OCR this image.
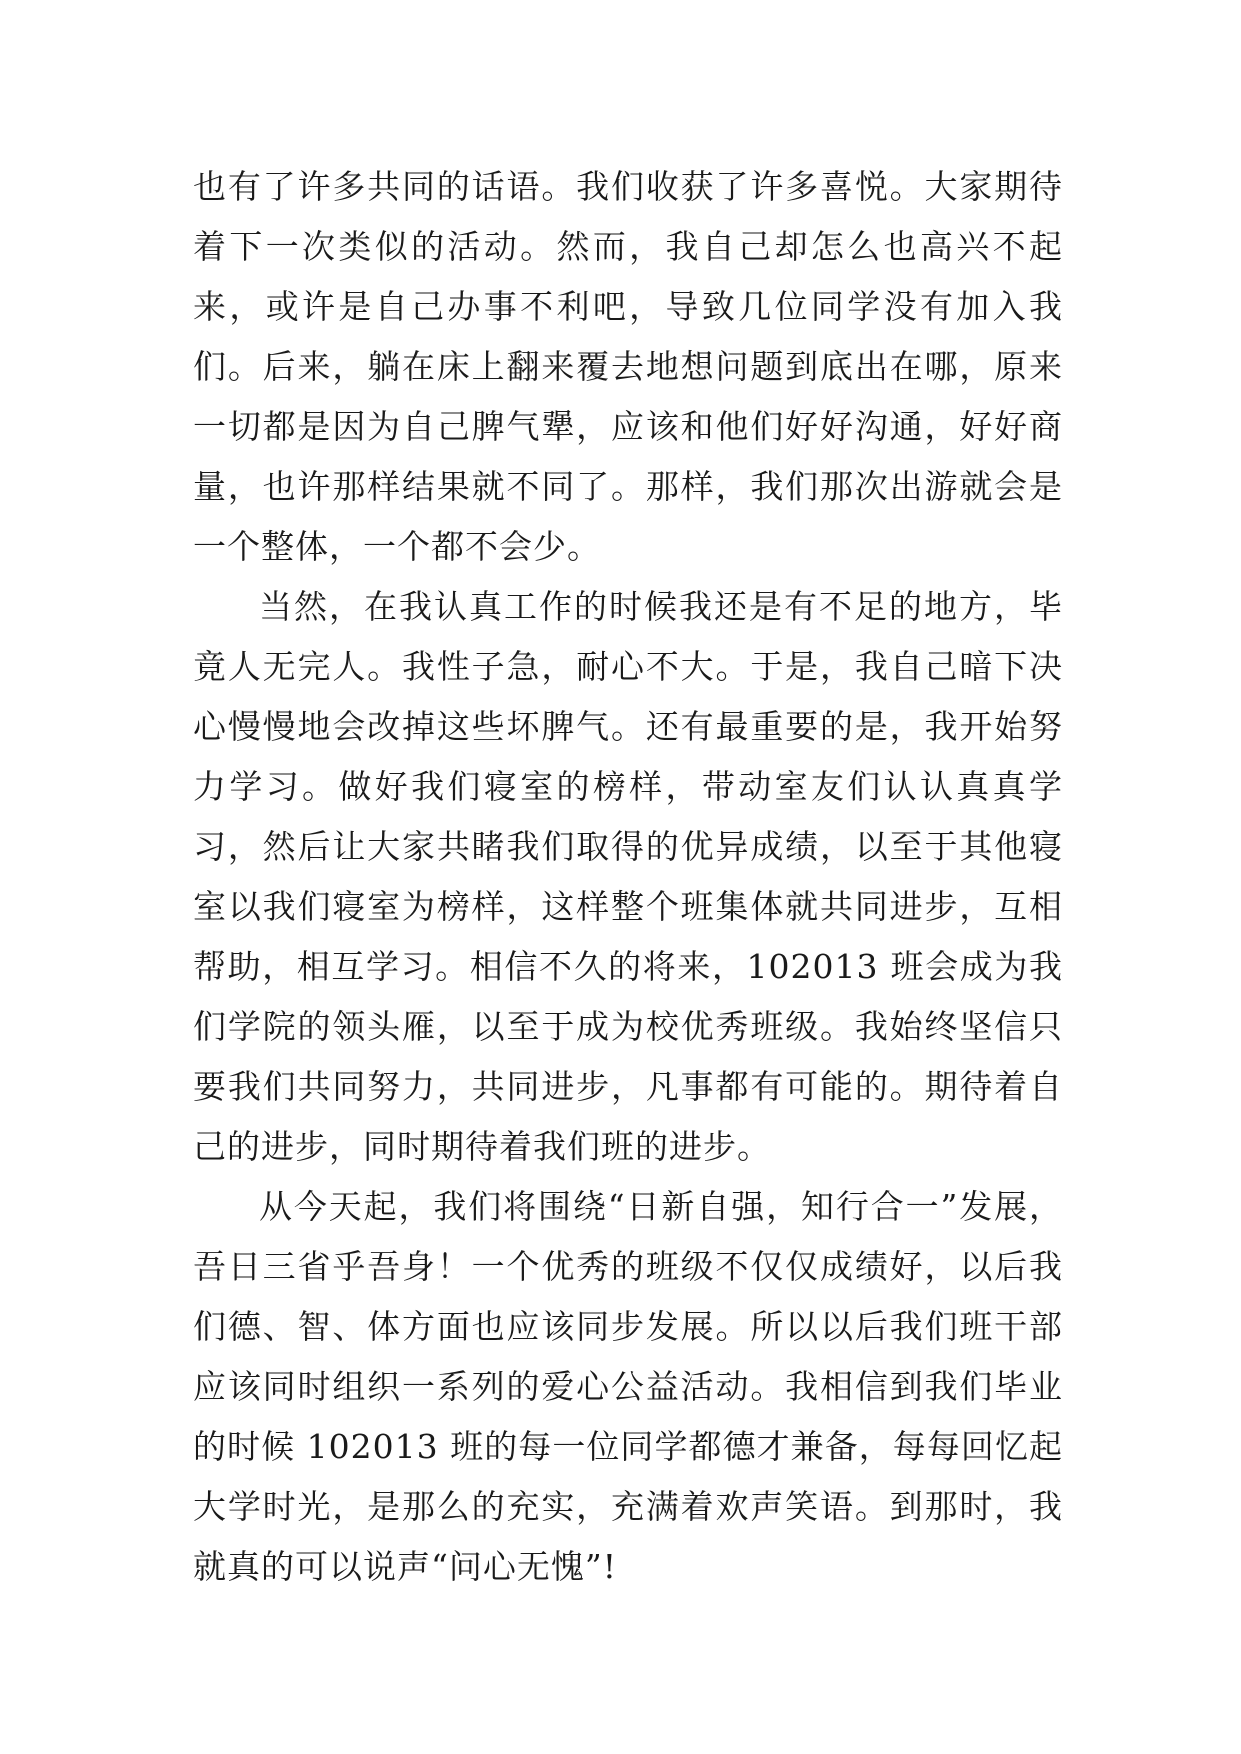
也有了许多共同的话语。我们收获了许多喜悦。大家期待着下一次类似的活动。然而，我自己却怎么也高兴不起来，或许是自己办事不利吧，导致几位同学没有加入我们。后来，躺在床上翻来覆去地想问题到底出在哪，原来一切都是因为自己脾气犟，应该和他们好好沟通，好好商量，也许那样结果就不同了。那样，我们那次出游就会是一个整体，一个都不会少。

当然，在我认真工作的时候我还是有不足的地方，毕竟人无完人。我性子急，耐心不大。于是，我自己暗下决心慢慢地会改掉这些坏脾气。还有最重要的是，我开始努力学习。做好我们寝室的榜样，带动室友们认认真真学习，然后让大家共睹我们取得的优异成绩，以至于其他寝室以我们寝室为榜样，这样整个班集体就共同进步，互相帮助，相互学习。相信不久的将来，102013 班会成为我们学院的领头雁，以至于成为校优秀班级。我始终坚信只要我们共同努力，共同进步，凡事都有可能的。期待着自己的进步，同时期待着我们班的进步。

从今天起，我们将围绕“日新自强，知行合一”发展，吾日三省乎吾身！一个优秀的班级不仅仅成绩好，以后我们德、智、体方面也应该同步发展。所以以后我们班干部应该同时组织一系列的爱心公益活动。我相信到我们毕业的时候 102013 班的每一位同学都德才兼备，每每回忆起大学时光，是那么的充实，充满着欢声笑语。到那时，我就真的可以说声“问心无愧”!
